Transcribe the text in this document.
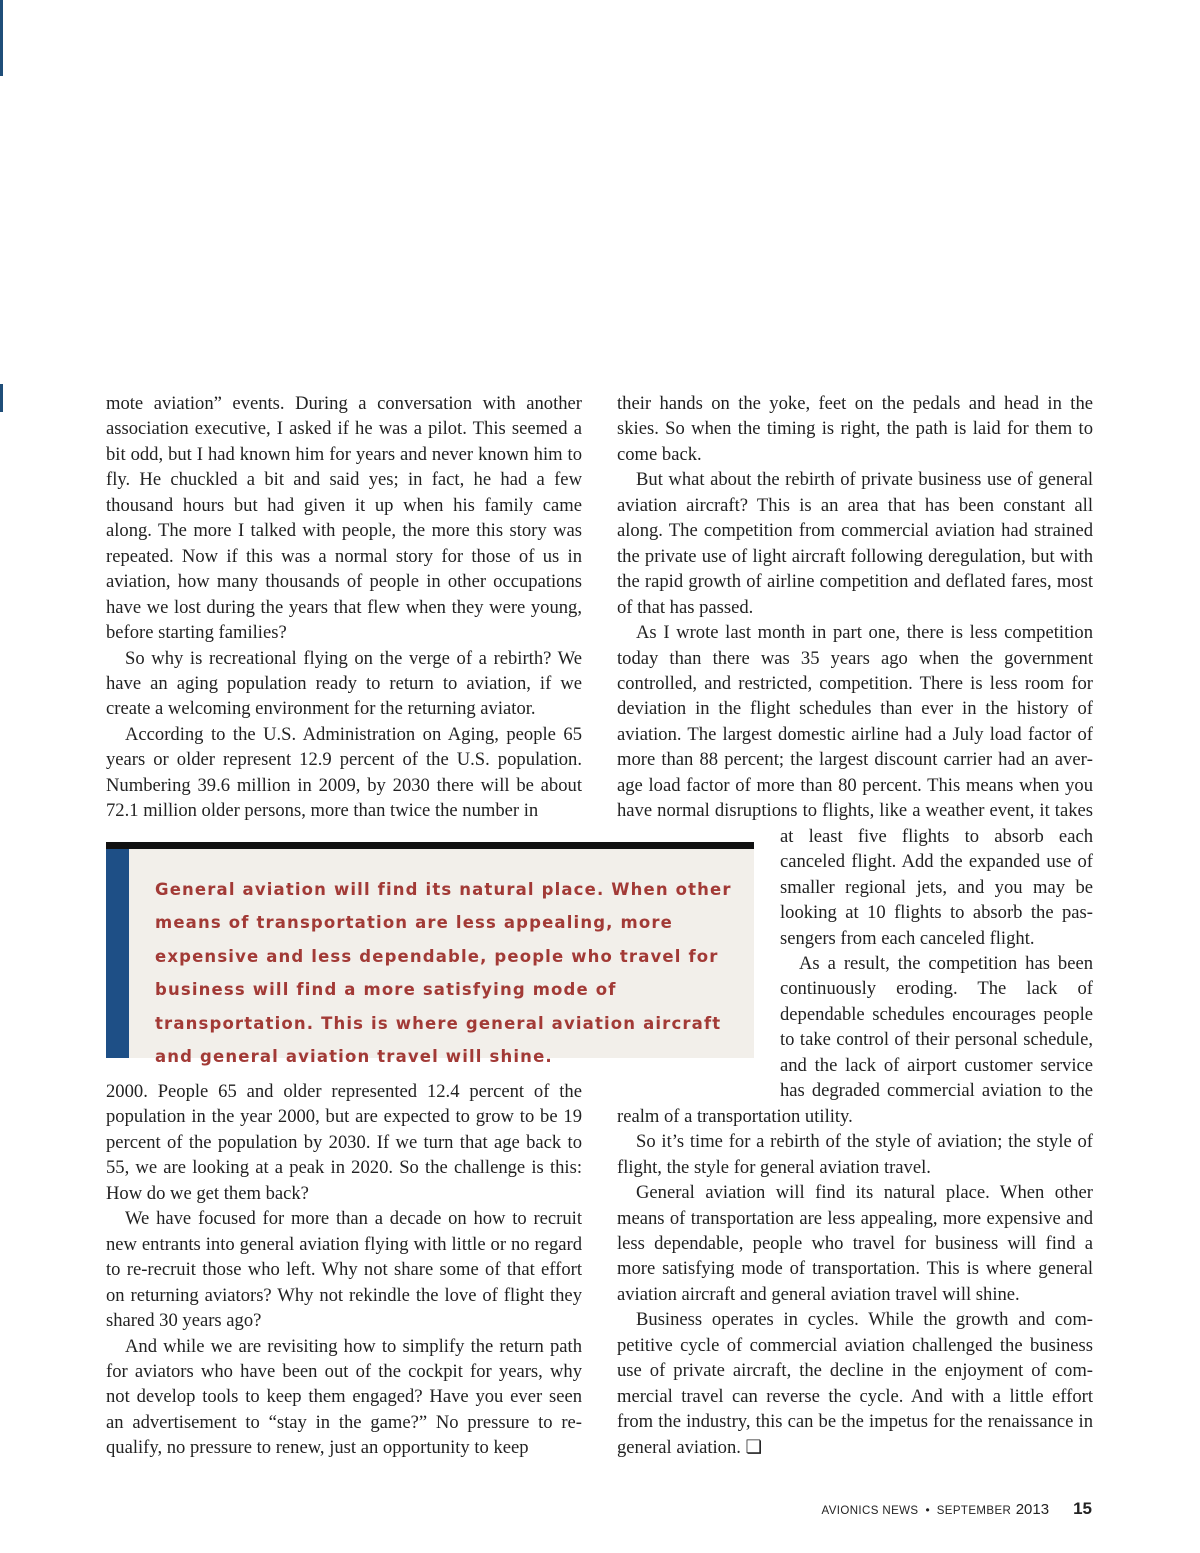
mote aviation” events. During a conversation with another association executive, I asked if he was a pilot. This seemed a bit odd, but I had known him for years and never known him to fly. He chuckled a bit and said yes; in fact, he had a few thousand hours but had given it up when his family came along. The more I talked with people, the more this story was repeated. Now if this was a normal story for those of us in aviation, how many thousands of people in other occupations have we lost during the years that flew when they were young, before starting families?

So why is recreational flying on the verge of a rebirth? We have an aging population ready to return to aviation, if we create a welcoming environment for the returning aviator.

According to the U.S. Administration on Aging, people 65 years or older represent 12.9 percent of the U.S. population. Numbering 39.6 million in 2009, by 2030 there will be about 72.1 million older persons, more than twice the number in

General aviation will find its natural place. When other means of transportation are less appealing, more expensive and less dependable, people who travel for business will find a more satisfying mode of transportation. This is where general aviation aircraft and general aviation travel will shine.

2000. People 65 and older represented 12.4 percent of the population in the year 2000, but are expected to grow to be 19 percent of the population by 2030. If we turn that age back to 55, we are looking at a peak in 2020. So the challenge is this: How do we get them back?

We have focused for more than a decade on how to recruit new entrants into general aviation flying with little or no regard to re-recruit those who left. Why not share some of that effort on returning aviators? Why not rekindle the love of flight they shared 30 years ago?

And while we are revisiting how to simplify the return path for aviators who have been out of the cockpit for years, why not develop tools to keep them engaged? Have you ever seen an advertisement to “stay in the game?” No pressure to re-qualify, no pressure to renew, just an opportunity to keep

their hands on the yoke, feet on the pedals and head in the skies. So when the timing is right, the path is laid for them to come back.

But what about the rebirth of private business use of general aviation aircraft? This is an area that has been constant all along. The competition from commercial aviation had strained the private use of light aircraft following deregulation, but with the rapid growth of airline competition and deflated fares, most of that has passed.

As I wrote last month in part one, there is less competition today than there was 35 years ago when the government controlled, and restricted, competition. There is less room for deviation in the flight schedules than ever in the history of aviation. The largest domestic airline had a July load factor of more than 88 percent; the largest discount carrier had an average load factor of more than 80 percent. This means when you have normal disruptions to flights, like a weather event, it takes at least five flights to absorb each canceled flight. Add the expanded use of smaller regional jets, and you may be looking at 10 flights to absorb the passengers from each canceled flight.

As a result, the competition has been continuously eroding. The lack of dependable schedules encourages people to take control of their personal schedule, and the lack of airport customer service has degraded commercial aviation to the realm of a transportation utility.

So it’s time for a rebirth of the style of aviation; the style of flight, the style for general aviation travel.

General aviation will find its natural place. When other means of transportation are less appealing, more expensive and less dependable, people who travel for business will find a more satisfying mode of transportation. This is where general aviation aircraft and general aviation travel will shine.

Business operates in cycles. While the growth and competitive cycle of commercial aviation challenged the business use of private aircraft, the decline in the enjoyment of commercial travel can reverse the cycle. And with a little effort from the industry, this can be the impetus for the renaissance in general aviation. ❏

AVIONICS NEWS • SEPTEMBER 2013 15
